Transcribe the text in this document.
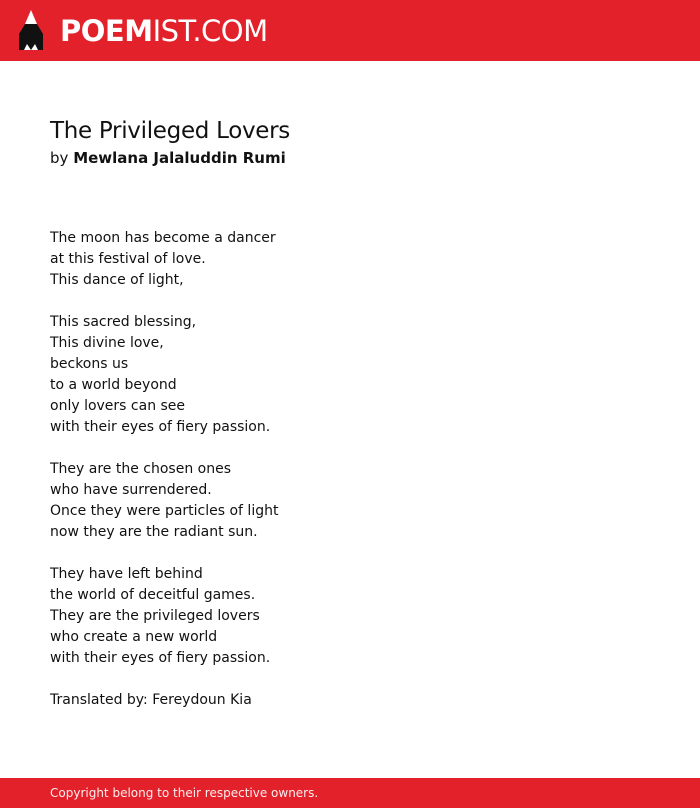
POEMIST.COM
The Privileged Lovers
by Mewlana Jalaluddin Rumi
The moon has become a dancer
at this festival of love.
This dance of light,
This sacred blessing,
This divine love,
beckons us
to a world beyond
only lovers can see
with their eyes of fiery passion.
They are the chosen ones
who have surrendered.
Once they were particles of light
now they are the radiant sun.
They have left behind
the world of deceitful games.
They are the privileged lovers
who create a new world
with their eyes of fiery passion.
Translated by: Fereydoun Kia
Copyright belong to their respective owners.
